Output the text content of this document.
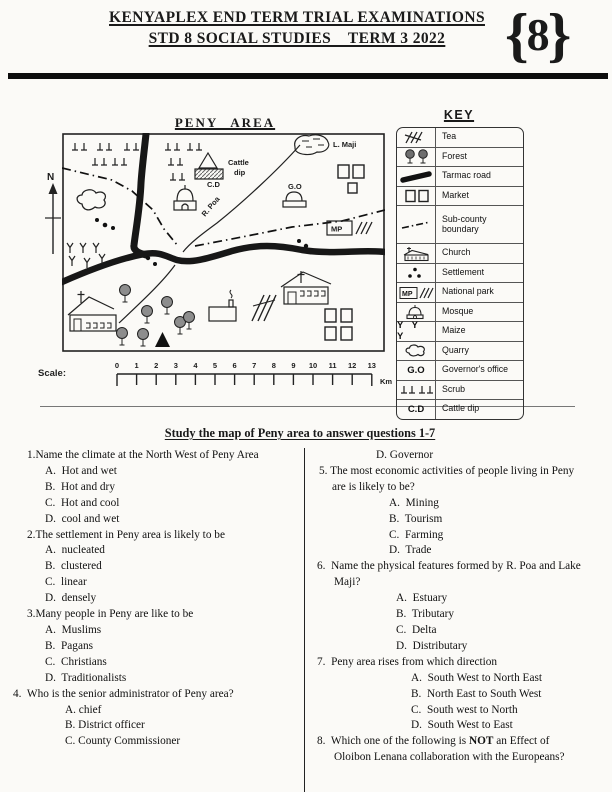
KENYAPLEX END TERM TRIAL EXAMINATIONS
STD 8 SOCIAL STUDIES    TERM 3 2022 {
8
}
PENY AREA
N
R. Poa
L. Maji
Cattle
dip
C.D	G.O
MP
Scale:
0 1 2 3 4 5 6 7 8 9 10 11 12 13
Km
KEY
Tea
Forest
Tarmac road
Market
Sub-county boundary
Church
Settlement
MP	National park
Mosque
Y Y Y
Maize
Quarry
G.O	Governor's office
Scrub
C.D	Cattle dip
Study the map of Peny area to answer questions 1-7
1.Name the climate at the North West of Peny Area
A.  Hot and wet
B.  Hot and dry
C.  Hot and cool
D.  cool and wet
2.The settlement in Peny area is likely to be
A.  nucleated
B.  clustered
C.  linear
D.  densely
3.Many people in Peny are like to be
A.  Muslims
B.  Pagans
C.  Christians
D.  Traditionalists
4.  Who is the senior administrator of Peny area?
A. chief
B. District officer
C. County Commissioner
D. Governor
5. The most economic activities of people living in Peny are is likely to be?
A.  Mining
B.  Tourism
C.  Farming
D.  Trade
6.  Name the physical features formed by R. Poa and Lake Maji?
A.  Estuary
B.  Tributary
C.  Delta
D.  Distributary
7.  Peny area rises from which direction
A.  South West to North East
B.  North East to South West
C.  South west to North
D.  South West to East
8.  Which one of the following is NOT an Effect of Oloibon Lenana collaboration with the Europeans?
